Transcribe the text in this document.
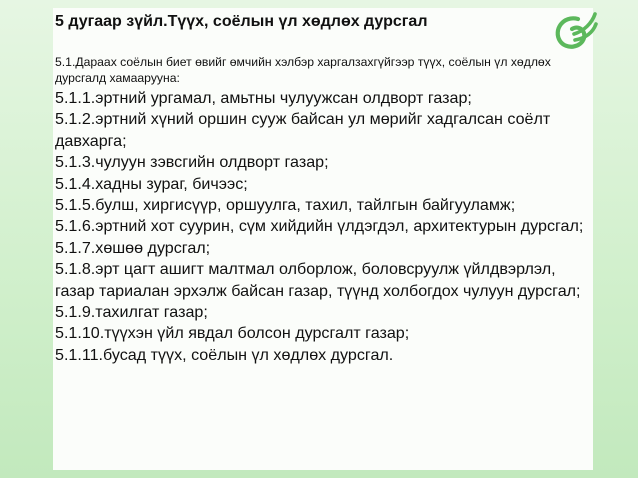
5 дугаар зүйл.Түүх, соёлын үл хөдлөх дурсгал
5.1.Дараах соёлын биет өвийг өмчийн хэлбэр харгалзахгүйгээр түүх, соёлын үл хөдлөх дурсгалд хамаарууна:
5.1.1.эртний ургамал, амьтны чулуужсан олдворт газар;
5.1.2.эртний хүний оршин сууж байсан ул мөрийг хадгалсан соёлт давхарга;
5.1.3.чулуун зэвсгийн олдворт газар;
5.1.4.хадны зураг, бичээс;
5.1.5.булш, хиргисүүр, оршуулга, тахил, тайлгын байгууламж;
5.1.6.эртний хот суурин, сүм хийдийн үлдэгдэл, архитектурын дурсгал;
5.1.7.хөшөө дурсгал;
5.1.8.эрт цагт ашигт малтмал олборлож, боловсруулж үйлдвэрлэл, газар тариалан эрхэлж байсан газар, түүнд холбогдох чулуун дурсгал;
5.1.9.тахилгат газар;
5.1.10.түүхэн үйл явдал болсон дурсгалт газар;
5.1.11.бусад түүх, соёлын үл хөдлөх дурсгал.
